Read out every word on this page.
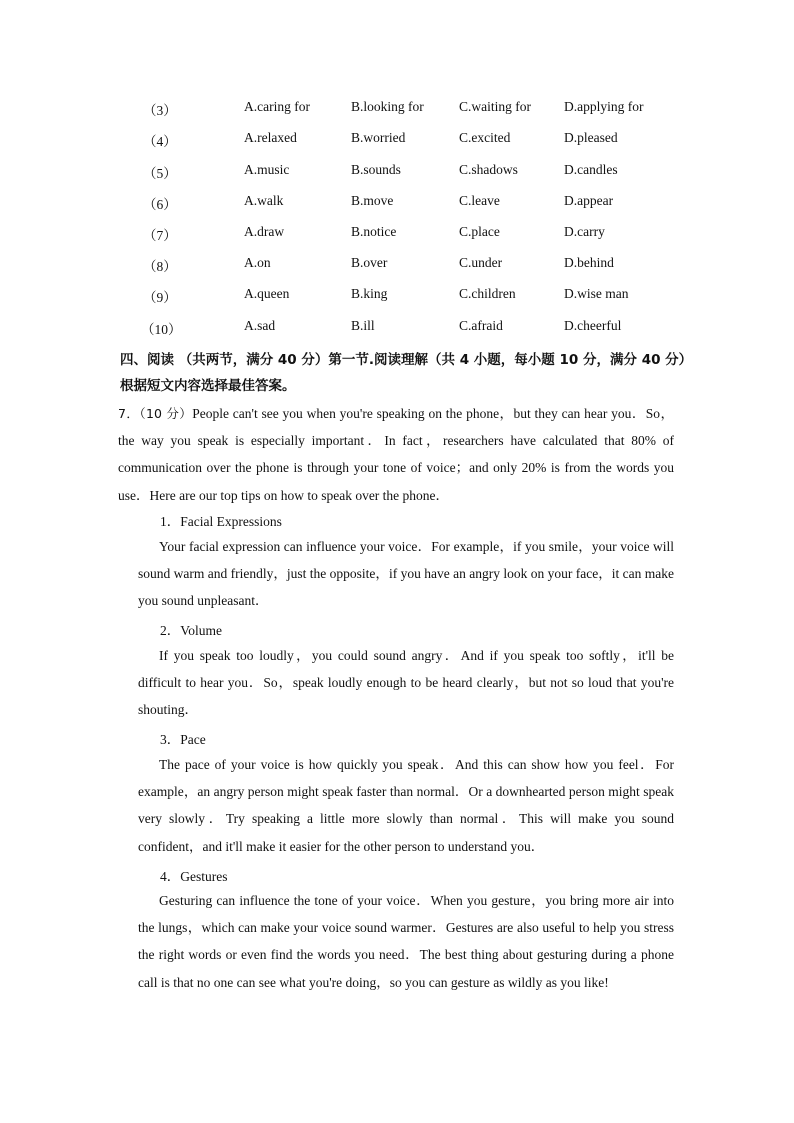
（3）	A.caring for	B.looking for	C.waiting for D.applying for
（4）	A.relaxed	B.worried	C.excited	D.pleased
（5）	A.music	B.sounds	C.shadows	D.candles
（6）	A.walk	B.move	C.leave	D.appear
（7）	A.draw	B.notice	C.place	D.carry
（8）	A.on	B.over	C.under	D.behind
（9）	A.queen	B.king	C.children	D.wise man
（10）	A.sad	B.ill	C.afraid	D.cheerful
四、阅读 （共两节，满分 40 分）第一节.阅读理解（共 4 小题，每小题 10 分，满分 40 分）
根据短文内容选择最佳答案。
7．（10 分）People can't see you when you're speaking on the phone，but they can hear you．So，the way you speak is especially important．In fact，researchers have calculated that 80% of communication over the phone is through your tone of voice；and only 20% is from the words you use．Here are our top tips on how to speak over the phone．
1．Facial Expressions
Your facial expression can influence your voice．For example，if you smile，your voice will sound warm and friendly，just the opposite，if you have an angry look on your face，it can make you sound unpleasant．
2．Volume
If you speak too loudly，you could sound angry．And if you speak too softly，it'll be difficult to hear you．So，speak loudly enough to be heard clearly，but not so loud that you're shouting．
3．Pace
The pace of your voice is how quickly you speak．And this can show how you feel．For example，an angry person might speak faster than normal．Or a downhearted person might speak very slowly．Try speaking a little more slowly than normal．This will make you sound confident，and it'll make it easier for the other person to understand you．
4．Gestures
Gesturing can influence the tone of your voice．When you gesture，you bring more air into the lungs，which can make your voice sound warmer．Gestures are also useful to help you stress the right words or even find the words you need．The best thing about gesturing during a phone call is that no one can see what you're doing，so you can gesture as wildly as you like!
